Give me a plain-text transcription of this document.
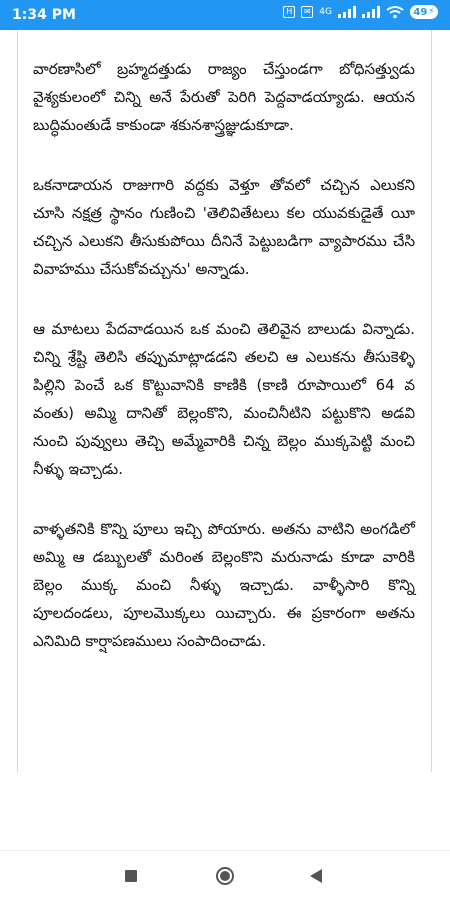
1:34 PM	H	✉ 4G	49 ⚡

వారణాసిలో బ్రహ్మదత్తుడు రాజ్యం చేస్తుండగా బోధిసత్త్వుడు వైశ్యకులంలో చిన్ని అనే పేరుతో పెరిగి పెద్దవాడయ్యాడు. ఆయన బుద్ధిమంతుడే కాకుండా శకునశాస్త్రజ్ఞుడుకూడా.

ఒకనాడాయన రాజుగారి వద్దకు వెళ్తూ తోవలో చచ్చిన ఎలుకని చూసి నక్షత్ర స్థానం గుణించి 'తెలివితేటలు కల యువకుడైతే యీ చచ్చిన ఎలుకని తీసుకుపోయి దీనినే పెట్టుబడిగా వ్యాపారము చేసి వివాహము చేసుకోవచ్చును' అన్నాడు.

ఆ మాటలు పేదవాడయిన ఒక మంచి తెలివైన బాలుడు విన్నాడు. చిన్ని శ్రేష్టి తెలిసి తప్పుమాట్లాడడని తలచి ఆ ఎలుకను తీసుకెళ్ళి పిల్లిని పెంచే ఒక కొట్టువానికి కాణికి (కాణి రూపాయిలో 64 వ వంతు) అమ్మి దానితో బెల్లంకొని, మంచినీటిని పట్టుకొని అడవి నుంచి పువ్వులు తెచ్చి అమ్మేవారికి చిన్న బెల్లం ముక్కపెట్టి మంచి నీళ్ళు ఇచ్చాడు.

వాళ్ళతనికి కొన్ని పూలు ఇచ్చి పోయారు. అతను వాటిని అంగడిలో అమ్మి ఆ డబ్బులతో మరింత బెల్లంకొని మరునాడు కూడా వారికి బెల్లం ముక్క మంచి నీళ్ళు ఇచ్చాడు. వాళ్ళీసారి కొన్ని పూలదండలు, పూలమొక్కలు యిచ్చారు. ఈ ప్రకారంగా అతను ఎనిమిది కార్షాపణములు సంపాదించాడు.
